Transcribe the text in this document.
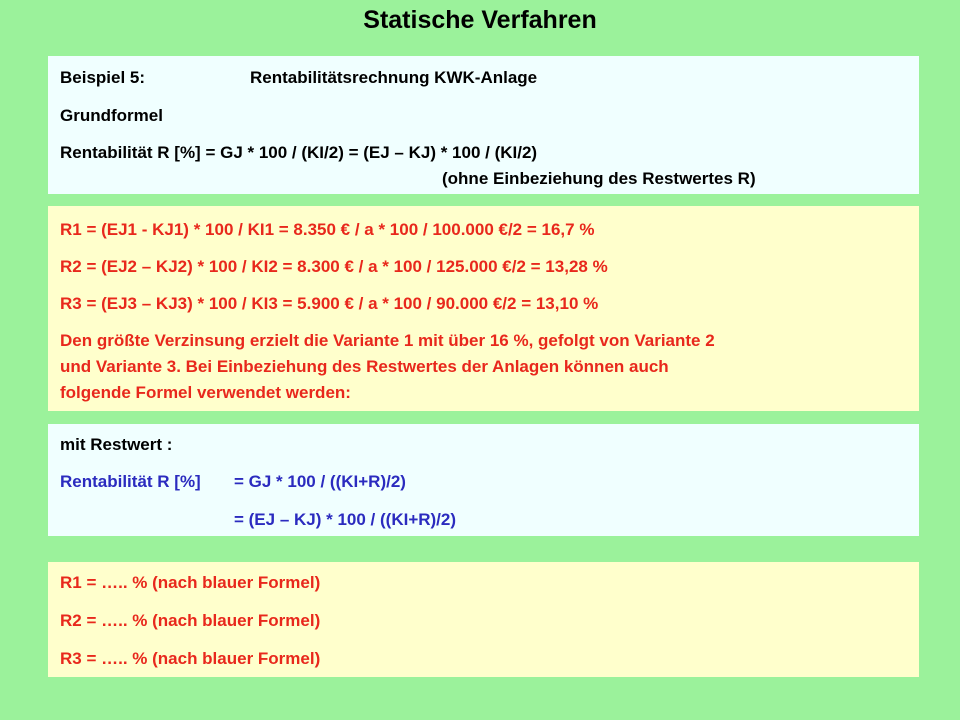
Statische Verfahren
Beispiel 5:	Rentabilitätsrechnung KWK-Anlage
Grundformel
Rentabilität R [%] = GJ * 100 / (KI/2) = (EJ – KJ) * 100 / (KI/2)
(ohne Einbeziehung des Restwertes R)
R1 = (EJ1 - KJ1) * 100 / KI1 = 8.350 € / a * 100 / 100.000 €/2 = 16,7 %
R2 = (EJ2 – KJ2) * 100 / KI2 = 8.300 € / a * 100 / 125.000 €/2 = 13,28 %
R3 = (EJ3 – KJ3) * 100 / KI3 = 5.900 € / a * 100 / 90.000 €/2 = 13,10 %
Den größte Verzinsung erzielt die Variante 1 mit über 16 %, gefolgt von Variante 2
und Variante 3. Bei Einbeziehung des Restwertes der Anlagen können auch
folgende Formel verwendet werden:
mit Restwert :
Rentabilität R [%] = GJ * 100 / ((KI+R)/2)
= (EJ – KJ) * 100 / ((KI+R)/2)
R1 = ….. % (nach blauer Formel)
R2 = ….. % (nach blauer Formel)
R3 = ….. % (nach blauer Formel)
